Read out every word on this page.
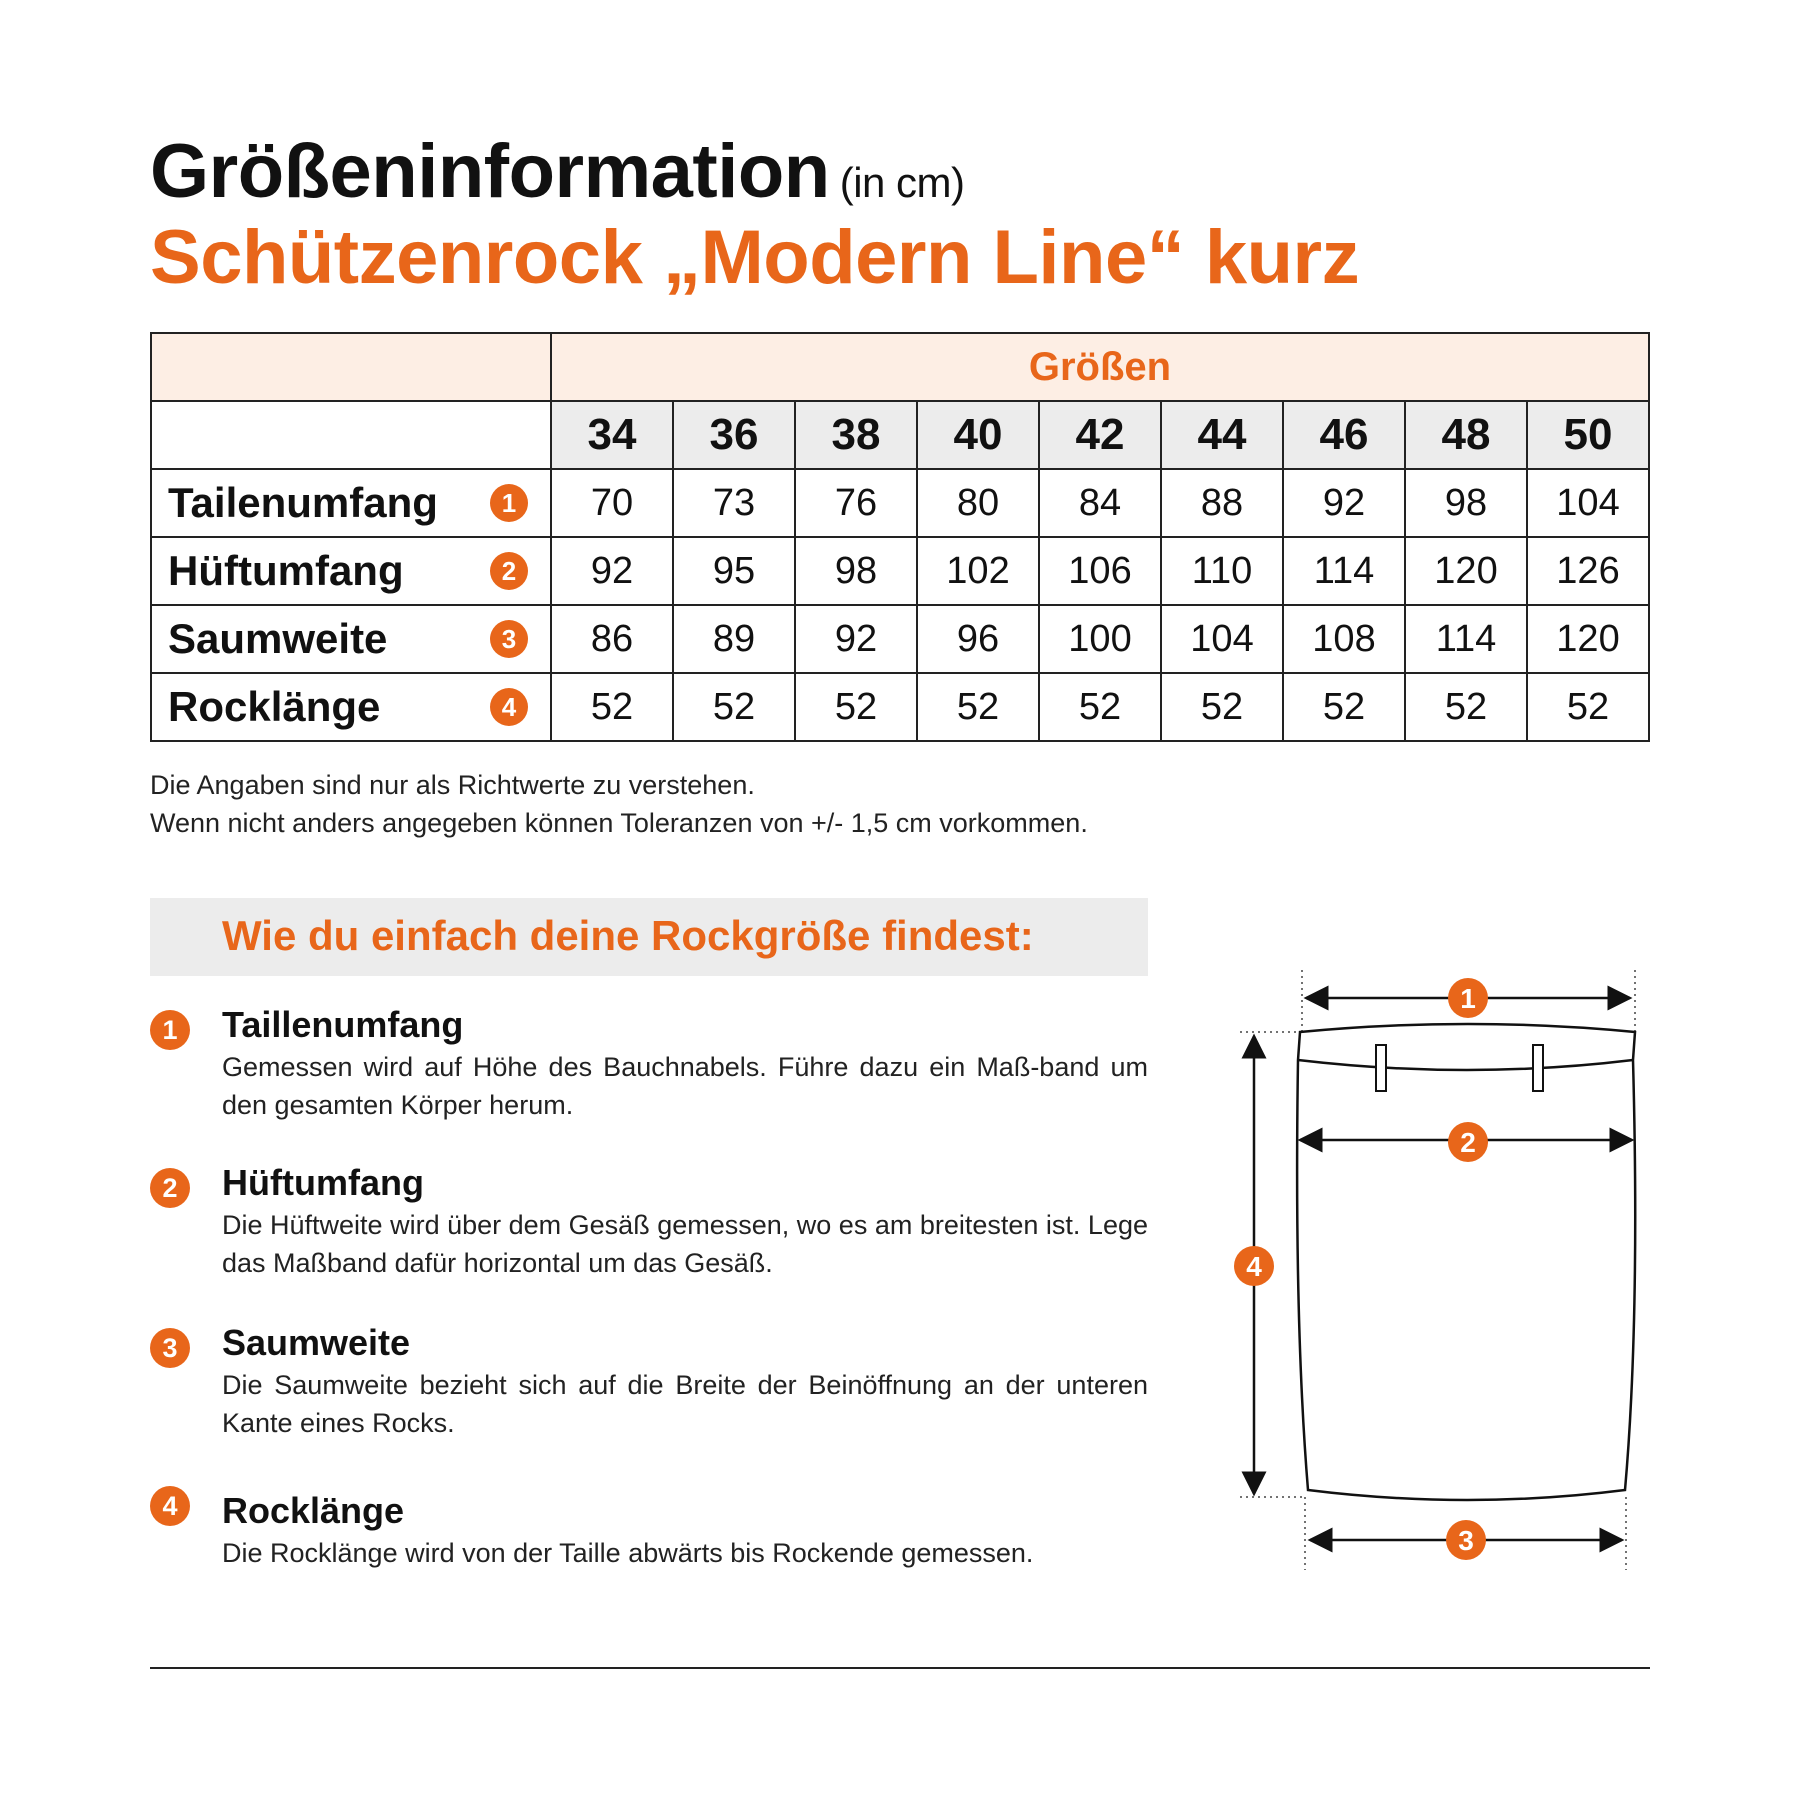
Größeninformation (in cm)
Schützenrock „Modern Line“ kurz
	Größen								
	34	36	38	40	42	44	46	48	50
Tailenumfang 1	70	73	76	80	84	88	92	98	104
Hüftumfang 2	92	95	98	102	106	110	114	120	126
Saumweite 3	86	89	92	96	100	104	108	114	120
Rocklänge 4	52	52	52	52	52	52	52	52	52
Die Angaben sind nur als Richtwerte zu verstehen.
Wenn nicht anders angegeben können Toleranzen von +/- 1,5 cm vorkommen.
Wie du einfach deine Rockgröße findest:
1	Taillenumfang
Gemessen wird auf Höhe des Bauchnabels. Führe dazu ein Maß-band um den gesamten Körper herum.
2	Hüftumfang
Die Hüftweite wird über dem Gesäß gemessen, wo es am breitesten ist. Lege das Maßband dafür horizontal um das Gesäß.
3	Saumweite
Die Saumweite bezieht sich auf die Breite der Beinöffnung an der unteren Kante eines Rocks.
4	Rocklänge
Die Rocklänge wird von der Taille abwärts bis Rockende gemessen.
1
2
3
4
